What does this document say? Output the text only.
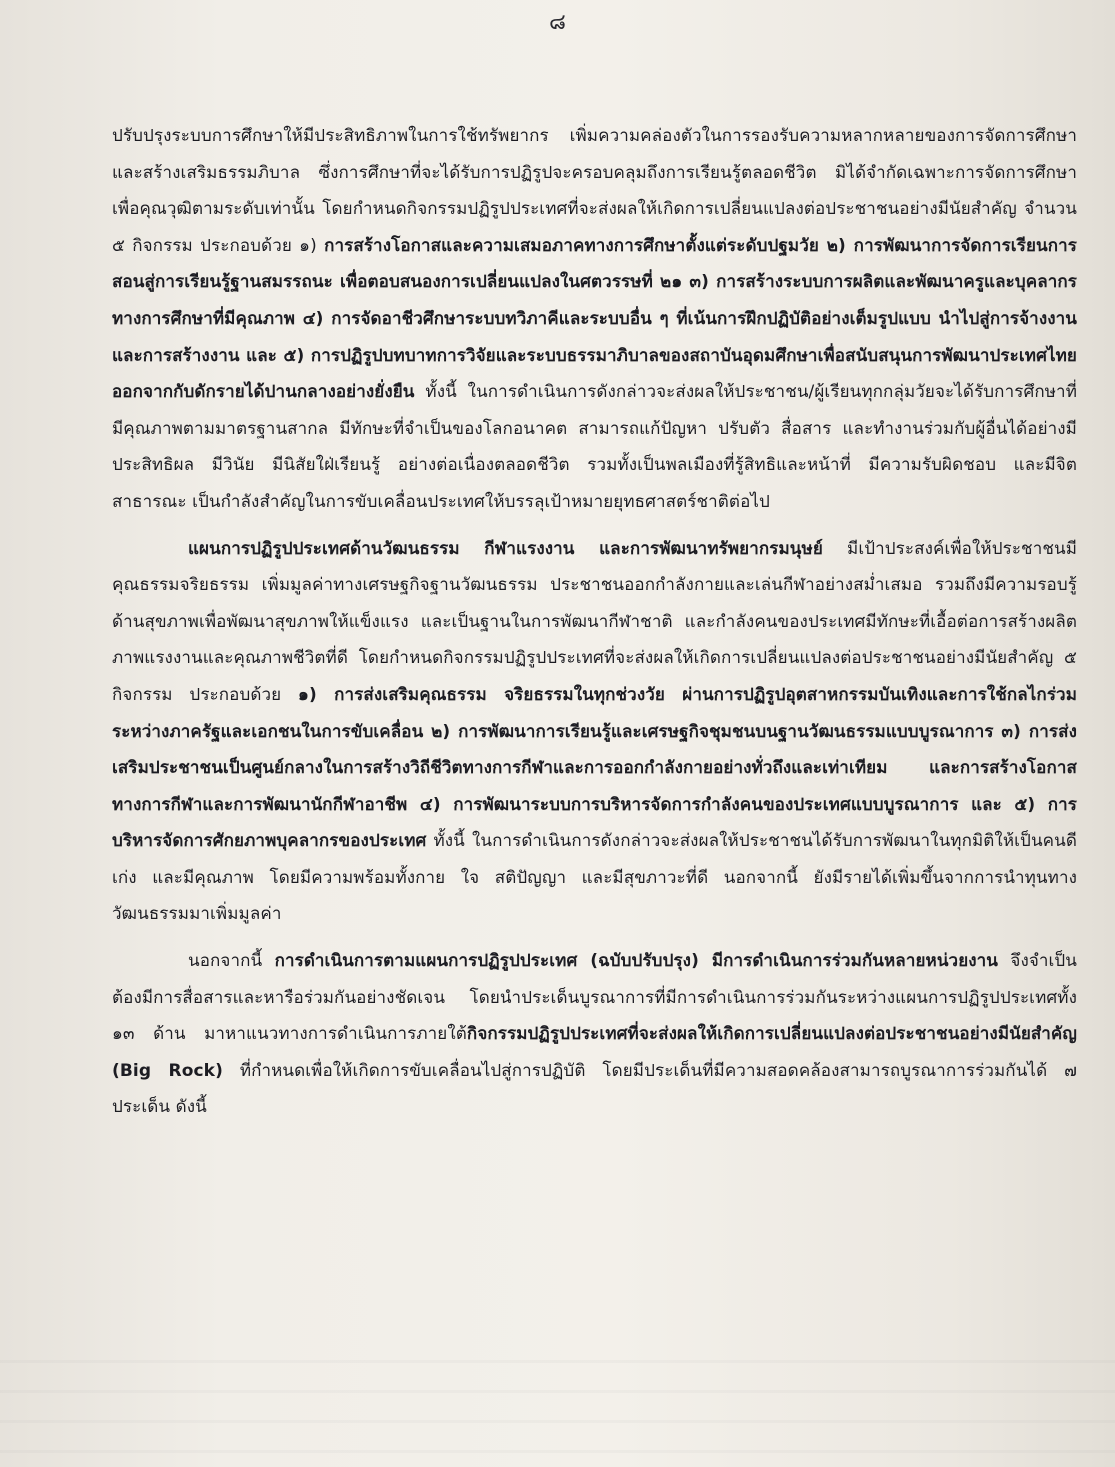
๘

ปรับปรุงระบบการศึกษาให้มีประสิทธิภาพในการใช้ทรัพยากร เพิ่มความคล่องตัวในการรองรับความหลากหลายของการจัดการศึกษา และสร้างเสริมธรรมภิบาล ซึ่งการศึกษาที่จะได้รับการปฏิรูปจะครอบคลุมถึงการเรียนรู้ตลอดชีวิต มิได้จำกัดเฉพาะการจัดการศึกษาเพื่อคุณวุฒิตามระดับเท่านั้น โดยกำหนดกิจกรรมปฏิรูปประเทศที่จะส่งผลให้เกิดการเปลี่ยนแปลงต่อประชาชนอย่างมีนัยสำคัญ จำนวน ๕ กิจกรรม ประกอบด้วย ๑) การสร้างโอกาสและความเสมอภาคทางการศึกษาตั้งแต่ระดับปฐมวัย ๒) การพัฒนาการจัดการเรียนการสอนสู่การเรียนรู้ฐานสมรรถนะ เพื่อตอบสนองการเปลี่ยนแปลงในศตวรรษที่ ๒๑ ๓) การสร้างระบบการผลิตและพัฒนาครูและบุคลากรทางการศึกษาที่มีคุณภาพ ๔) การจัดอาชีวศึกษาระบบทวิภาคีและระบบอื่น ๆ ที่เน้นการฝึกปฏิบัติอย่างเต็มรูปแบบ นำไปสู่การจ้างงานและการสร้างงาน และ ๕) การปฏิรูปบทบาทการวิจัยและระบบธรรมาภิบาลของสถาบันอุดมศึกษาเพื่อสนับสนุนการพัฒนาประเทศไทยออกจากกับดักรายได้ปานกลางอย่างยั่งยืน ทั้งนี้ ในการดำเนินการดังกล่าวจะส่งผลให้ประชาชน/ผู้เรียนทุกกลุ่มวัยจะได้รับการศึกษาที่มีคุณภาพตามมาตรฐานสากล มีทักษะที่จำเป็นของโลกอนาคต สามารถแก้ปัญหา ปรับตัว สื่อสาร และทำงานร่วมกับผู้อื่นได้อย่างมีประสิทธิผล มีวินัย มีนิสัยใฝ่เรียนรู้ อย่างต่อเนื่องตลอดชีวิต รวมทั้งเป็นพลเมืองที่รู้สิทธิและหน้าที่ มีความรับผิดชอบ และมีจิตสาธารณะ เป็นกำลังสำคัญในการขับเคลื่อนประเทศให้บรรลุเป้าหมายยุทธศาสตร์ชาติต่อไป

แผนการปฏิรูปประเทศด้านวัฒนธรรม กีฬาแรงงาน และการพัฒนาทรัพยากรมนุษย์ มีเป้าประสงค์เพื่อให้ประชาชนมีคุณธรรมจริยธรรม เพิ่มมูลค่าทางเศรษฐกิจฐานวัฒนธรรม ประชาชนออกกำลังกายและเล่นกีฬาอย่างสม่ำเสมอ รวมถึงมีความรอบรู้ด้านสุขภาพเพื่อพัฒนาสุขภาพให้แข็งแรง และเป็นฐานในการพัฒนากีฬาชาติ และกำลังคนของประเทศมีทักษะที่เอื้อต่อการสร้างผลิตภาพแรงงานและคุณภาพชีวิตที่ดี โดยกำหนดกิจกรรมปฏิรูปประเทศที่จะส่งผลให้เกิดการเปลี่ยนแปลงต่อประชาชนอย่างมีนัยสำคัญ ๕ กิจกรรม ประกอบด้วย ๑) การส่งเสริมคุณธรรม จริยธรรมในทุกช่วงวัย ผ่านการปฏิรูปอุตสาหกรรมบันเทิงและการใช้กลไกร่วมระหว่างภาครัฐและเอกชนในการขับเคลื่อน ๒) การพัฒนาการเรียนรู้และเศรษฐกิจชุมชนบนฐานวัฒนธรรมแบบบูรณาการ ๓) การส่งเสริมประชาชนเป็นศูนย์กลางในการสร้างวิถีชีวิตทางการกีฬาและการออกกำลังกายอย่างทั่วถึงและเท่าเทียม และการสร้างโอกาสทางการกีฬาและการพัฒนานักกีฬาอาชีพ ๔) การพัฒนาระบบการบริหารจัดการกำลังคนของประเทศแบบบูรณาการ และ ๕) การบริหารจัดการศักยภาพบุคลากรของประเทศ ทั้งนี้ ในการดำเนินการดังกล่าวจะส่งผลให้ประชาชนได้รับการพัฒนาในทุกมิติให้เป็นคนดี เก่ง และมีคุณภาพ โดยมีความพร้อมทั้งกาย ใจ สติปัญญา และมีสุขภาวะที่ดี นอกจากนี้ ยังมีรายได้เพิ่มขึ้นจากการนำทุนทางวัฒนธรรมมาเพิ่มมูลค่า

นอกจากนี้ การดำเนินการตามแผนการปฏิรูปประเทศ (ฉบับปรับปรุง) มีการดำเนินการร่วมกันหลายหน่วยงาน จึงจำเป็นต้องมีการสื่อสารและหารือร่วมกันอย่างชัดเจน โดยนำประเด็นบูรณาการที่มีการดำเนินการร่วมกันระหว่างแผนการปฏิรูปประเทศทั้ง ๑๓ ด้าน มาหาแนวทางการดำเนินการภายใต้กิจกรรมปฏิรูปประเทศที่จะส่งผลให้เกิดการเปลี่ยนแปลงต่อประชาชนอย่างมีนัยสำคัญ (Big Rock) ที่กำหนดเพื่อให้เกิดการขับเคลื่อนไปสู่การปฏิบัติ โดยมีประเด็นที่มีความสอดคล้องสามารถบูรณาการร่วมกันได้ ๗ ประเด็น ดังนี้
